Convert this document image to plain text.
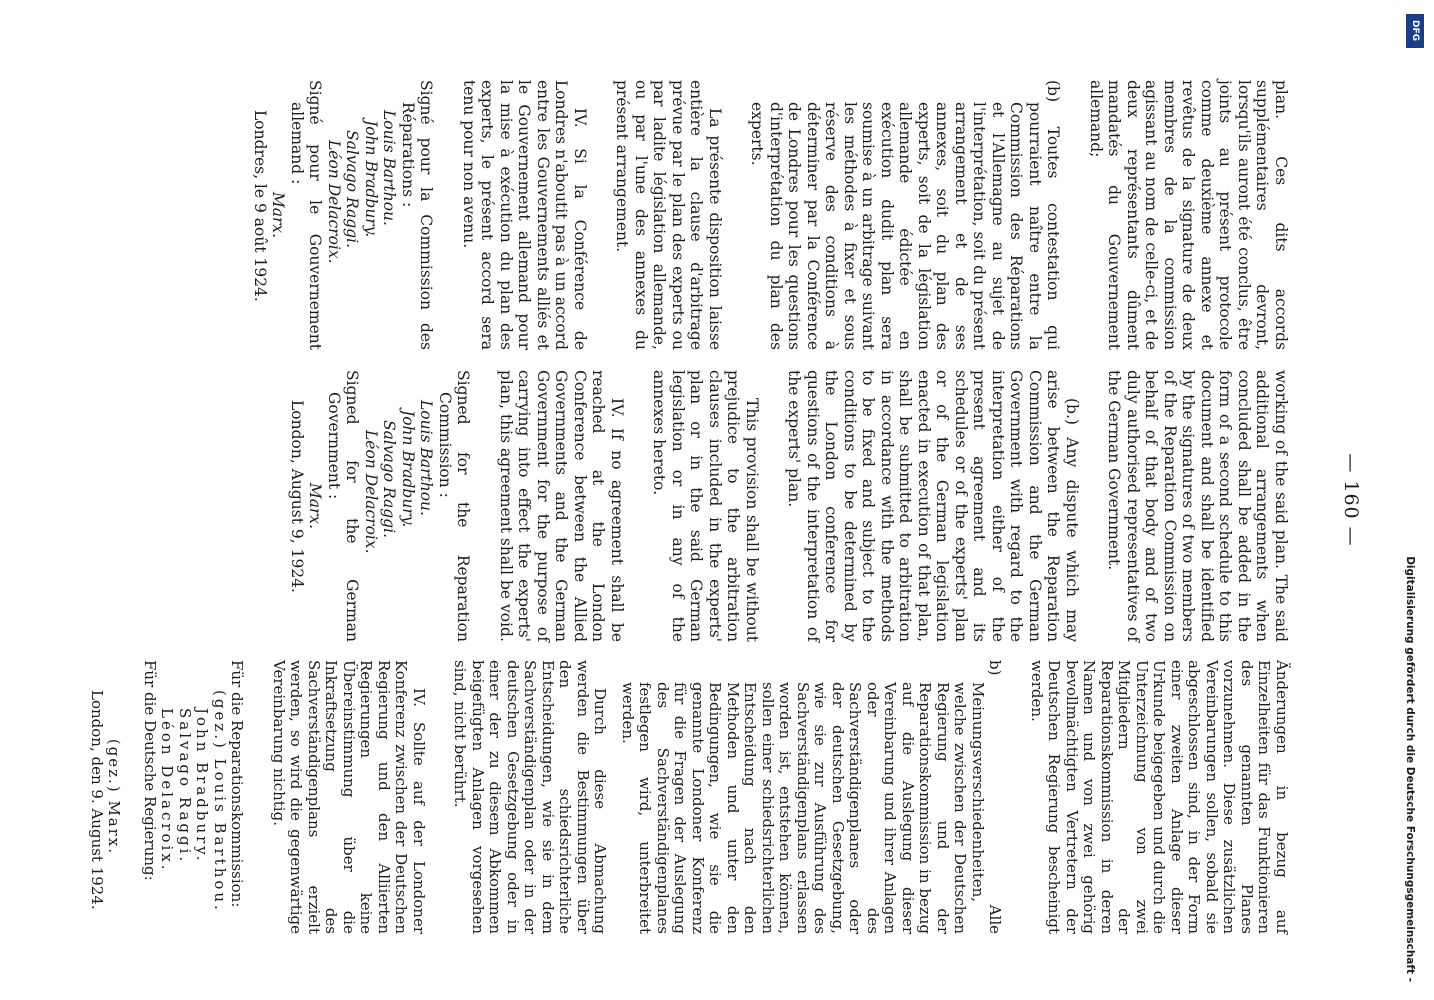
— 160 —
plan. Ces dits accords supplémentaires devront, lorsqu'ils auront été conclus, être joints au présent protocole comme deuxième annexe et revêtus de la signature de deux membres de la commission agissant au nom de celle-ci, et de deux représentants dûment mandatés du Gouvernement allemand;
(b) Toutes contestation qui pourraient naître entre la Commission des Réparations et l'Allemagne au sujet de l'interprétation, soit du présent arrangement et de ses annexes, soit du plan des experts, soit de la législation allemande édictée en exécution dudit plan sera soumise à un arbitrage suivant les méthodes à fixer et sous réserve des conditions à déterminer par la Conférence de Londres pour les questions d'interprétation du plan des experts.
La présente disposition laisse entière la clause d'arbitrage prévue par le plan des experts ou par ladite législation allemande, ou par l'une des annexes du présent arrangement.
IV. Si la Conférence de Londres n'aboutit pas à un accord entre les Gouvernements alliés et le Gouvernement allemand pour la mise à exécution du plan des experts, le présent accord sera tenu pour non avenu.
Signé pour la Commission des Réparations :
Louis Barthou.
John Bradbury.
Salvago Raggi.
Léon Delacroix.
Signé pour le Gouvernement allemand :
Marx.
Londres, le 9 août 1924.
working of the said plan. The said additional arrangements when concluded shall be added in the form of a second schedule to this document and shall be identified by the signatures of two members of the Reparation Commission on behalf of that body and of two duly authorised representatives of the German Government.
(b.) Any dispute which may arise between the Reparation Commission and the German Government with regard to the interpretation either of the present agreement and its schedules or of the experts' plan or of the German legislation enacted in execution of that plan, shall be submitted to arbitration in accordance with the methods to be fixed and subject to the conditions to be determined by the London conference for questions of the interpretation of the experts' plan.
This provision shall be without prejudice to the arbitration clauses included in the experts' plan or in the said German legislation or in any of the annexes hereto.
IV. If no agreement shall be reached at the London Conference between the Allied Governments and the German Government for the purpose of carrying into effect the experts' plan, this agreement shall be void.
Signed for the Reparation Commission :
Louis Barthou.
John Bradbury.
Salvago Raggi.
Léon Delacroix.
Signed for the German Government :
Marx.
London, August 9, 1924.
Änderungen in bezug auf Einzelheiten für das Funktionieren des genannten Planes vorzunehmen. Diese zusätzlichen Vereinbarungen sollen, sobald sie abgeschlossen sind, in der Form einer zweiten Anlage dieser Urkunde beigegeben und durch die Unterzeichnung von zwei Mitgliedern der Reparationskommission in deren Namen und von zwei gehörig bevollmächtigten Vertretern der Deutschen Regierung bescheinigt werden.
b) Alle Meinungsverschiedenheiten, welche zwischen der Deutschen Regierung und der Reparationskommission in bezug auf die Auslegung dieser Vereinbarung und ihrer Anlagen oder des Sachverständigenplanes oder der deutschen Gesetzgebung, wie sie zur Ausführung des Sachverständigenplans erlassen worden ist, entstehen können, sollen einer schiedsrichterlichen Entscheidung nach den Methoden und unter den Bedingungen, wie sie die genannte Londoner Konferenz für die Fragen der Auslegung des Sachverständigenplanes festlegen wird, unterbreitet werden.
Durch diese Abmachung werden die Bestimmungen über den schiedsrichterliche Entscheidungen, wie sie in dem Sachverständigenplan oder in der deutschen Gesetzgebung oder in einer der zu diesem Abkommen beigefügten Anlagen vorgesehen sind, nicht berührt.
IV. Sollte auf der Londoner Konferenz zwischen der Deutschen Regierung und den Alliierten Regierungen keine Übereinstimmung über die Inkraftsetzung des Sachverständigenplans erzielt werden, so wird die gegenwärtige Vereinbarung nichtig.
Für die Reparationskommission:
(gez.) Louis Barthou.
John Bradbury.
Salvago Raggi.
Léon Delacroix.
Für die Deutsche Regierung:
(gez.) Marx.
London, den 9. August 1924.
DFG
Digitalisierung gefördert durch die Deutsche Forschungsgemeinschaft -
